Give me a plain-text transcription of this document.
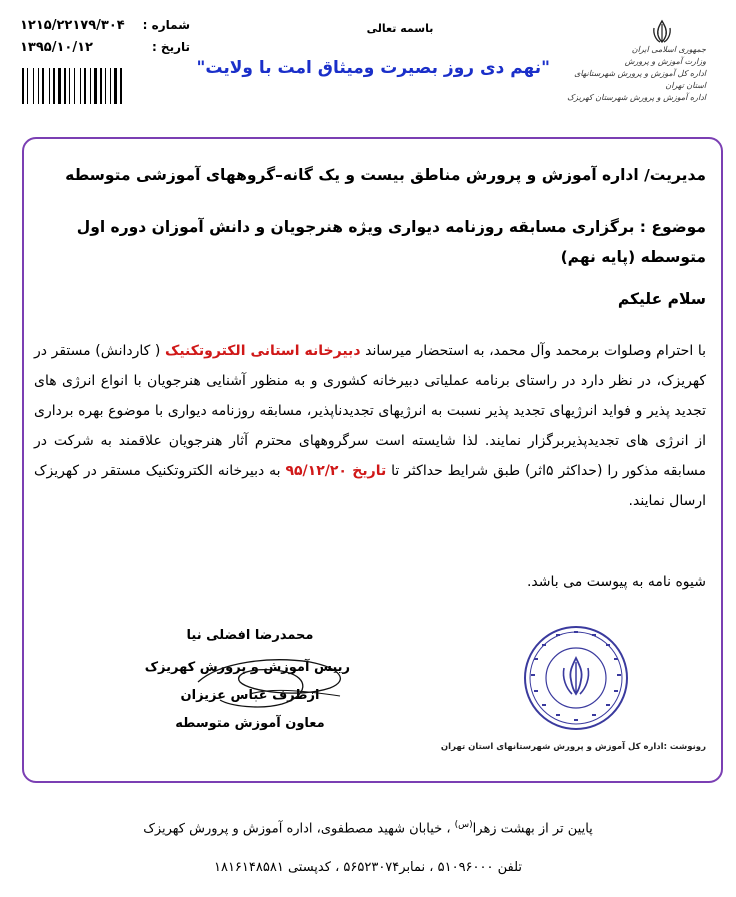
شماره :
۱۲۱۵/۲۲۱۷۹/۳۰۴
تاریخ :
۱۳۹۵/۱۰/۱۲
باسمه تعالی
"نهم دی روز بصیرت ومیثاق امت با ولایت"
جمهوری اسلامی ایران
وزارت آموزش و پرورش
اداره کل آموزش و پرورش شهرستانهای استان تهران
اداره آموزش و پرورش شهرستان کهریزک
مدیریت/ اداره آموزش و پرورش مناطق بیست و یک گانه–گروههای آموزشی متوسطه
موضوع : برگزاری مسابقه روزنامه دیواری ویژه هنرجویان و دانش آموزان دوره اول متوسطه (پایه نهم)
سلام علیکم
با احترام وصلوات برمحمد وآل محمد، به استحضار میرساند دبیرخانه استانی الکتروتکنیک ( کاردانش) مستقر در کهریزک، در نظر دارد در راستای برنامه عملیاتی دبیرخانه کشوری و به منظور آشنایی هنرجویان با انواع انرژی های تجدید پذیر و فواید انرژیهای تجدید پذیر نسبت به انرژیهای تجدیدناپذیر، مسابقه روزنامه دیواری با موضوع بهره برداری از انرژی های تجدیدپذیربرگزار نمایند. لذا شایسته است سرگروههای محترم آثار هنرجویان علاقمند به شرکت در مسابقه مذکور را (حداکثر ۵اثر) طبق شرایط حداکثر تا تاریخ ۹۵/۱۲/۲۰ به دبیرخانه الکتروتکنیک مستقر در کهریزک ارسال نمایند.
شیوه نامه به پیوست می باشد.
محمدرضا افضلی نیا
رییس آموزش و پرورش کهریزک
ازطرف عباس عزیزان
معاون آموزش متوسطه
رونوشت :اداره کل آموزش و پرورش شهرستانهای استان تهران
پایین تر از بهشت زهرا$^{(س)}$ ، خیابان شهید مصطفوی، اداره آموزش و پرورش کهریزک
تلفن ۵۱۰۹۶۰۰۰ ، نمابر۵۶۵۲۳۰۷۴ ، کدپستی ۱۸۱۶۱۴۸۵۸۱
